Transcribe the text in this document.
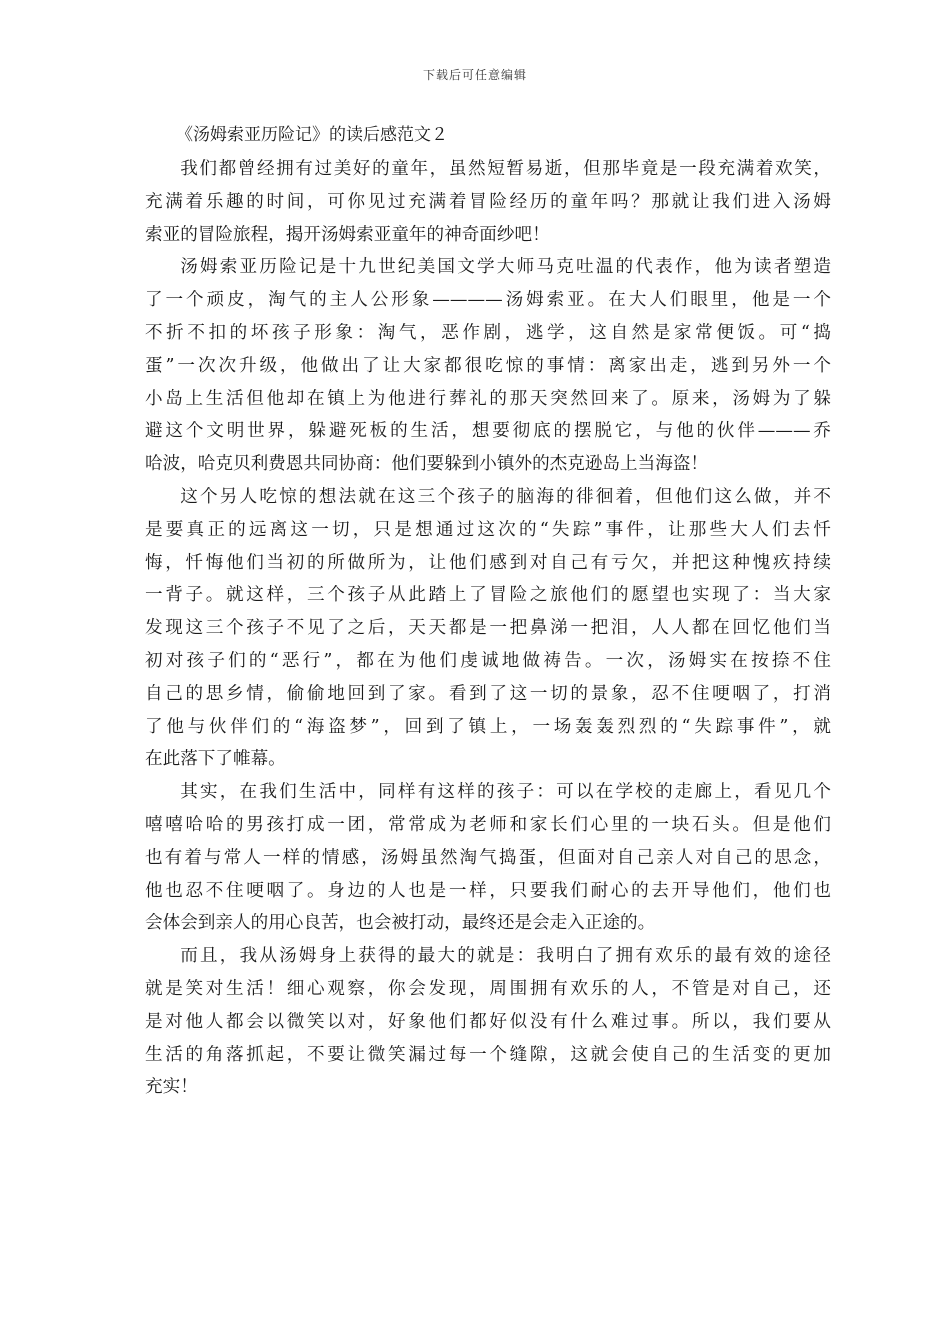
下载后可任意编辑
《汤姆索亚历险记》的读后感范文２
我们都曾经拥有过美好的童年，虽然短暂易逝，但那毕竟是一段充满着欢笑，
充满着乐趣的时间，可你见过充满着冒险经历的童年吗？那就让我们进入汤姆
索亚的冒险旅程，揭开汤姆索亚童年的神奇面纱吧！
汤姆索亚历险记是十九世纪美国文学大师马克吐温的代表作，他为读者塑造
了一个顽皮，淘气的主人公形象————汤姆索亚。在大人们眼里，他是一个
不折不扣的坏孩子形象：淘气，恶作剧，逃学，这自然是家常便饭。可“捣
蛋”一次次升级，他做出了让大家都很吃惊的事情：离家出走，逃到另外一个
小岛上生活但他却在镇上为他进行葬礼的那天突然回来了。原来，汤姆为了躲
避这个文明世界，躲避死板的生活，想要彻底的摆脱它，与他的伙伴———乔
哈波，哈克贝利费恩共同协商：他们要躲到小镇外的杰克逊岛上当海盗！
这个另人吃惊的想法就在这三个孩子的脑海的徘徊着，但他们这么做，并不
是要真正的远离这一切，只是想通过这次的“失踪”事件，让那些大人们去忏
悔，忏悔他们当初的所做所为，让他们感到对自己有亏欠，并把这种愧疚持续
一背子。就这样，三个孩子从此踏上了冒险之旅他们的愿望也实现了：当大家
发现这三个孩子不见了之后，天天都是一把鼻涕一把泪，人人都在回忆他们当
初对孩子们的“恶行”，都在为他们虔诚地做祷告。一次，汤姆实在按捺不住
自己的思乡情，偷偷地回到了家。看到了这一切的景象，忍不住哽咽了，打消
了他与伙伴们的“海盗梦”，回到了镇上，一场轰轰烈烈的“失踪事件”，就
在此落下了帷幕。
其实，在我们生活中，同样有这样的孩子：可以在学校的走廊上，看见几个
嘻嘻哈哈的男孩打成一团，常常成为老师和家长们心里的一块石头。但是他们
也有着与常人一样的情感，汤姆虽然淘气捣蛋，但面对自己亲人对自己的思念，
他也忍不住哽咽了。身边的人也是一样，只要我们耐心的去开导他们，他们也
会体会到亲人的用心良苦，也会被打动，最终还是会走入正途的。
而且，我从汤姆身上获得的最大的就是：我明白了拥有欢乐的最有效的途径
就是笑对生活！细心观察，你会发现，周围拥有欢乐的人，不管是对自己，还
是对他人都会以微笑以对，好象他们都好似没有什么难过事。所以，我们要从
生活的角落抓起，不要让微笑漏过每一个缝隙，这就会使自己的生活变的更加
充实！
